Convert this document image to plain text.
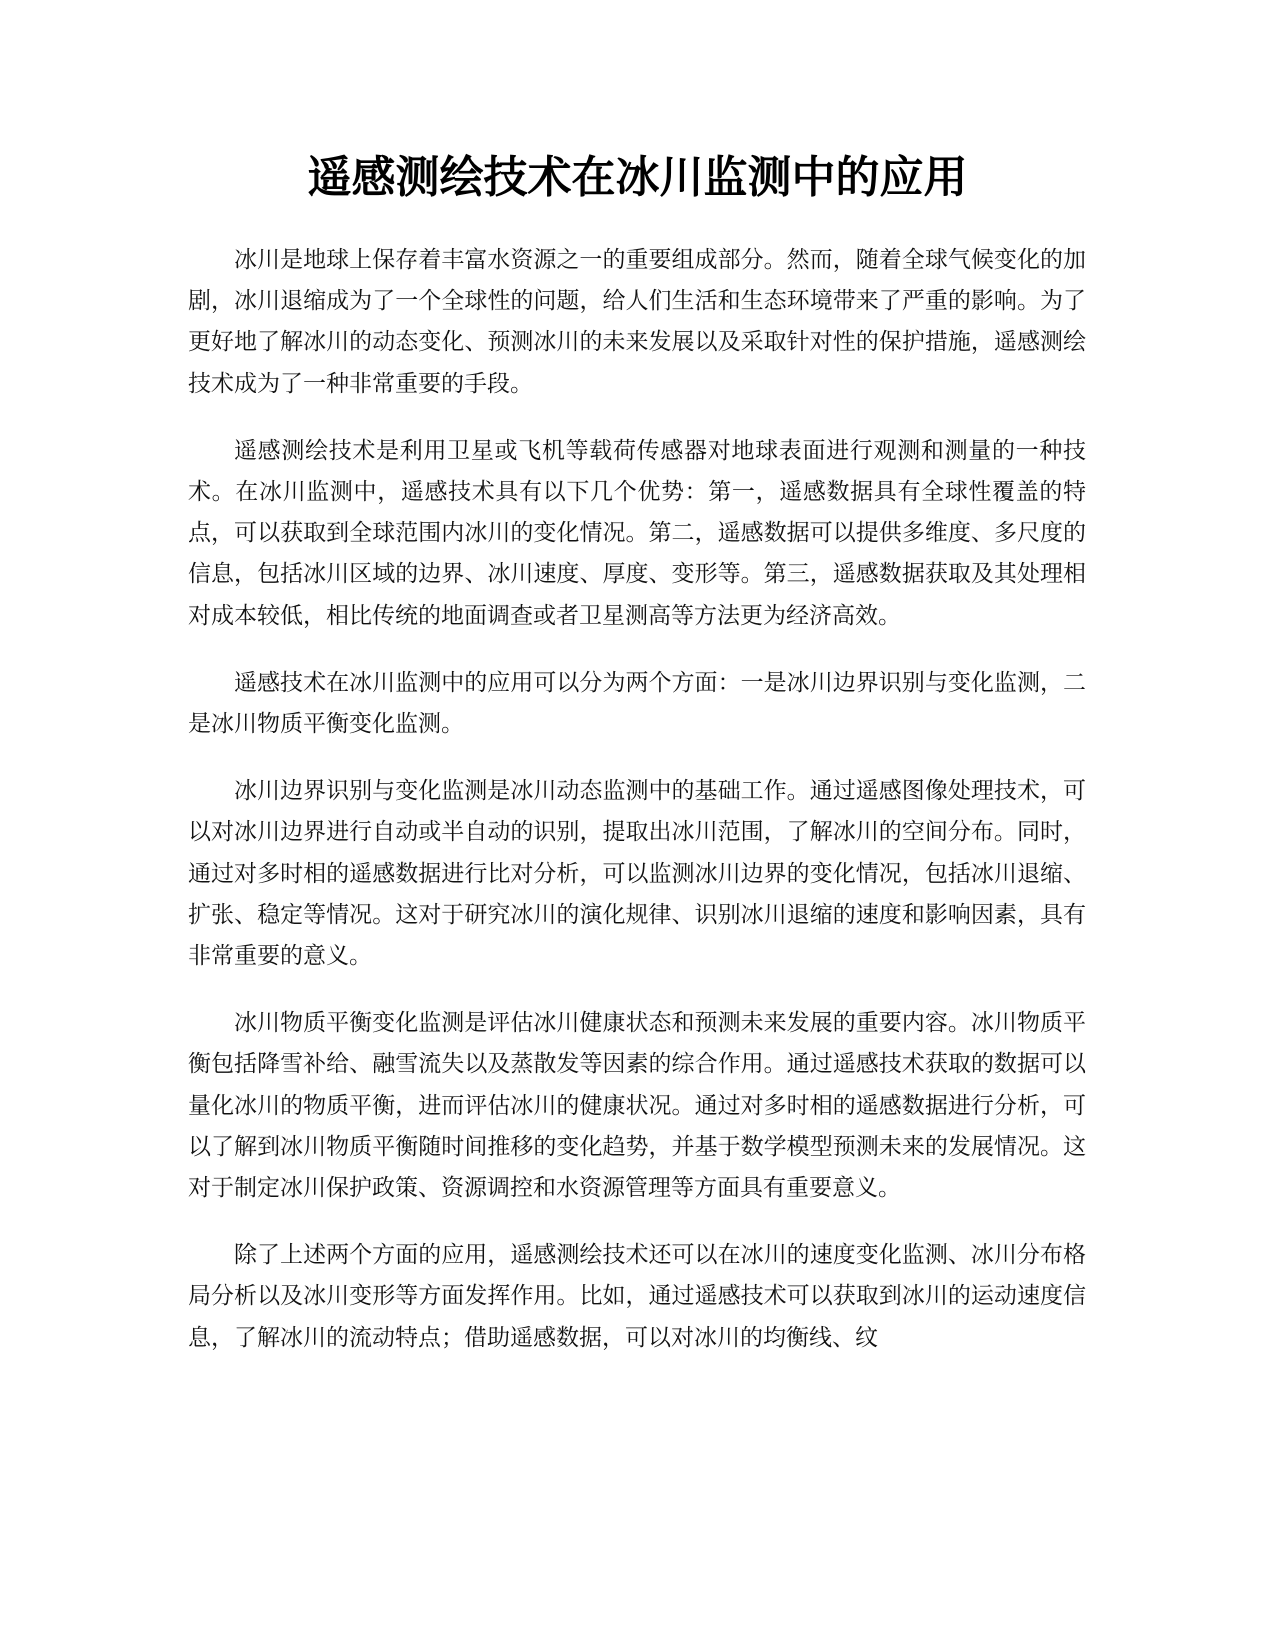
遥感测绘技术在冰川监测中的应用

冰川是地球上保存着丰富水资源之一的重要组成部分。然而，随着全球气候变化的加剧，冰川退缩成为了一个全球性的问题，给人们生活和生态环境带来了严重的影响。为了更好地了解冰川的动态变化、预测冰川的未来发展以及采取针对性的保护措施，遥感测绘技术成为了一种非常重要的手段。

遥感测绘技术是利用卫星或飞机等载荷传感器对地球表面进行观测和测量的一种技术。在冰川监测中，遥感技术具有以下几个优势：第一，遥感数据具有全球性覆盖的特点，可以获取到全球范围内冰川的变化情况。第二，遥感数据可以提供多维度、多尺度的信息，包括冰川区域的边界、冰川速度、厚度、变形等。第三，遥感数据获取及其处理相对成本较低，相比传统的地面调查或者卫星测高等方法更为经济高效。

遥感技术在冰川监测中的应用可以分为两个方面：一是冰川边界识别与变化监测，二是冰川物质平衡变化监测。

冰川边界识别与变化监测是冰川动态监测中的基础工作。通过遥感图像处理技术，可以对冰川边界进行自动或半自动的识别，提取出冰川范围，了解冰川的空间分布。同时，通过对多时相的遥感数据进行比对分析，可以监测冰川边界的变化情况，包括冰川退缩、扩张、稳定等情况。这对于研究冰川的演化规律、识别冰川退缩的速度和影响因素，具有非常重要的意义。

冰川物质平衡变化监测是评估冰川健康状态和预测未来发展的重要内容。冰川物质平衡包括降雪补给、融雪流失以及蒸散发等因素的综合作用。通过遥感技术获取的数据可以量化冰川的物质平衡，进而评估冰川的健康状况。通过对多时相的遥感数据进行分析，可以了解到冰川物质平衡随时间推移的变化趋势，并基于数学模型预测未来的发展情况。这对于制定冰川保护政策、资源调控和水资源管理等方面具有重要意义。

除了上述两个方面的应用，遥感测绘技术还可以在冰川的速度变化监测、冰川分布格局分析以及冰川变形等方面发挥作用。比如，通过遥感技术可以获取到冰川的运动速度信息，了解冰川的流动特点；借助遥感数据，可以对冰川的均衡线、纹
